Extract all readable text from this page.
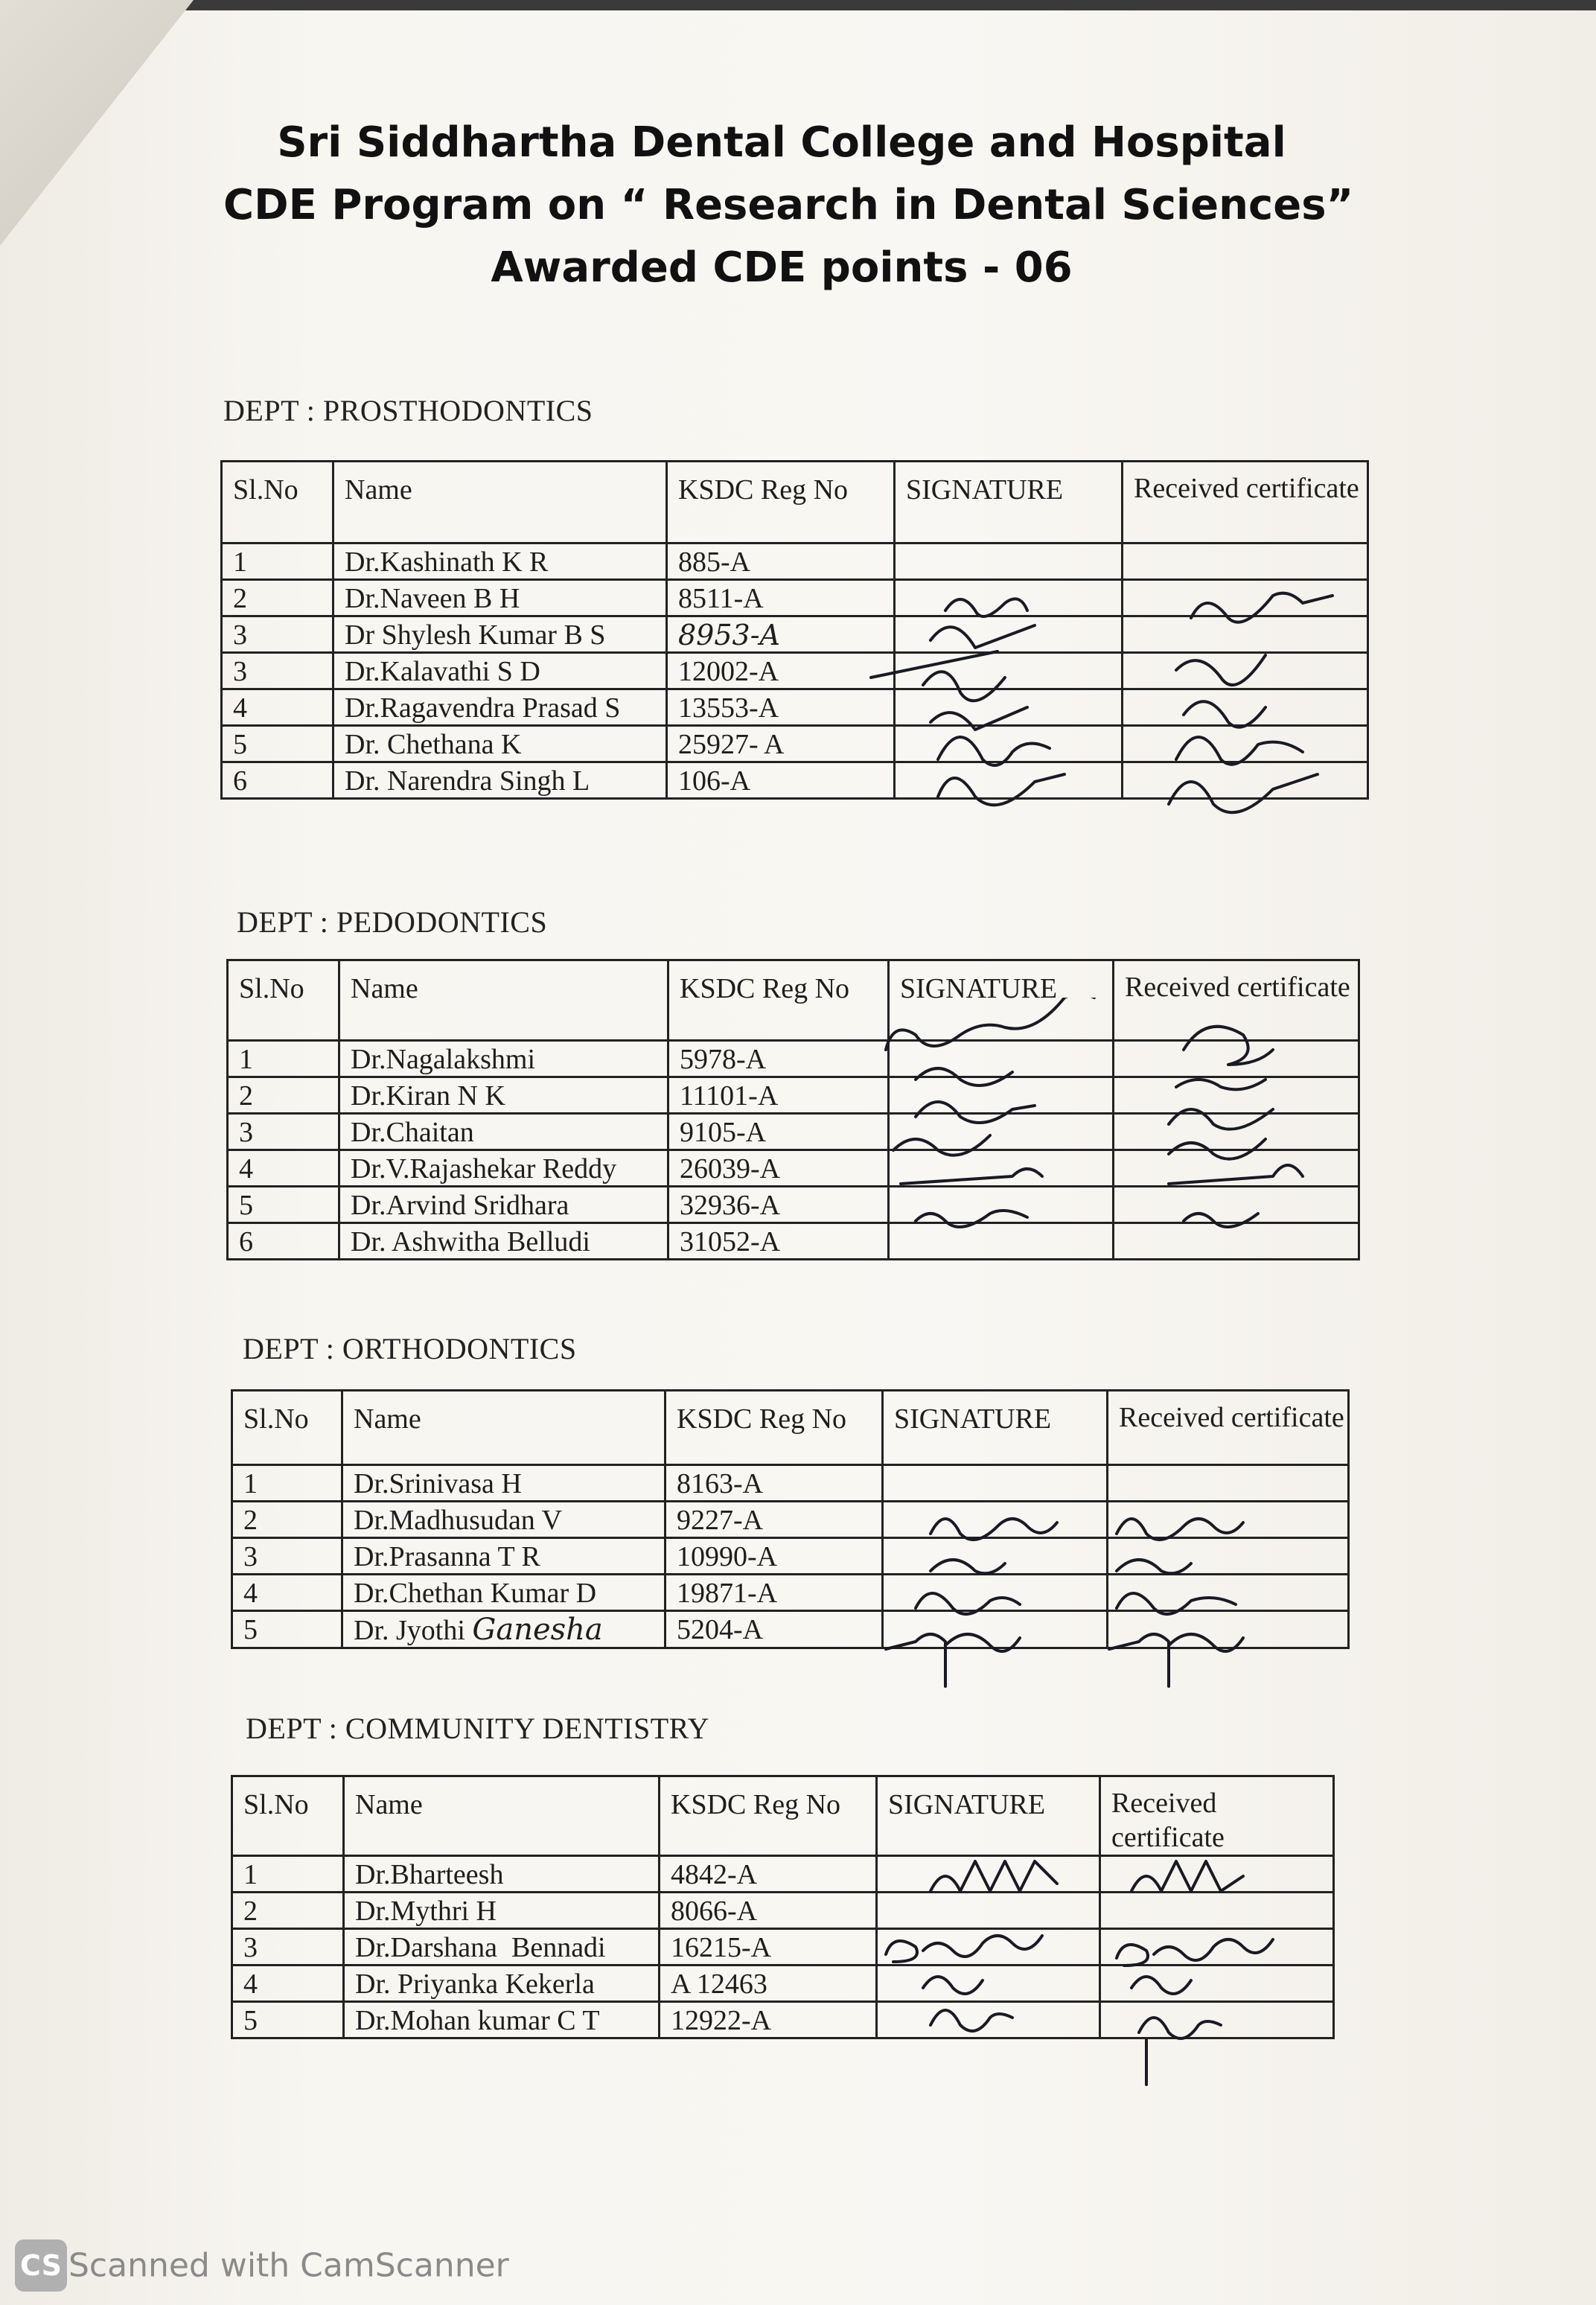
Sri Siddhartha Dental College and Hospital
CDE Program on “ Research in Dental Sciences”
Awarded CDE points - 06
DEPT : PROSTHODONTICS
Sl.No	Name	KSDC Reg No	SIGNATURE	Received certificate
1	Dr.Kashinath K R	885-A		
2	Dr.Naveen B H	8511-A		
3	Dr Shylesh Kumar B S	8953-A		
3	Dr.Kalavathi S D	12002-A		
4	Dr.Ragavendra Prasad S	13553-A		
5	Dr. Chethana K	25927- A		
6	Dr. Narendra Singh L	106-A		
DEPT : PEDODONTICS
Sl.No	Name	KSDC Reg No	SIGNATURE	Received certificate
1	Dr.Nagalakshmi	5978-A		
2	Dr.Kiran N K	11101-A		
3	Dr.Chaitan	9105-A		
4	Dr.V.Rajashekar Reddy	26039-A		
5	Dr.Arvind Sridhara	32936-A		
6	Dr. Ashwitha Belludi	31052-A		
DEPT : ORTHODONTICS
Sl.No	Name	KSDC Reg No	SIGNATURE	Received certificate
1	Dr.Srinivasa H	8163-A		
2	Dr.Madhusudan V	9227-A		
3	Dr.Prasanna T R	10990-A		
4	Dr.Chethan Kumar D	19871-A		
5	Dr. Jyothi Ganesha	5204-A		
DEPT : COMMUNITY DENTISTRY
Sl.No	Name	KSDC Reg No	SIGNATURE	Received certificate
1	Dr.Bharteesh	4842-A		
2	Dr.Mythri H	8066-A		
3	Dr.Darshana  Bennadi	16215-A		
4	Dr. Priyanka Kekerla	A 12463		
5	Dr.Mohan kumar C T	12922-A		
CS Scanned with CamScanner
